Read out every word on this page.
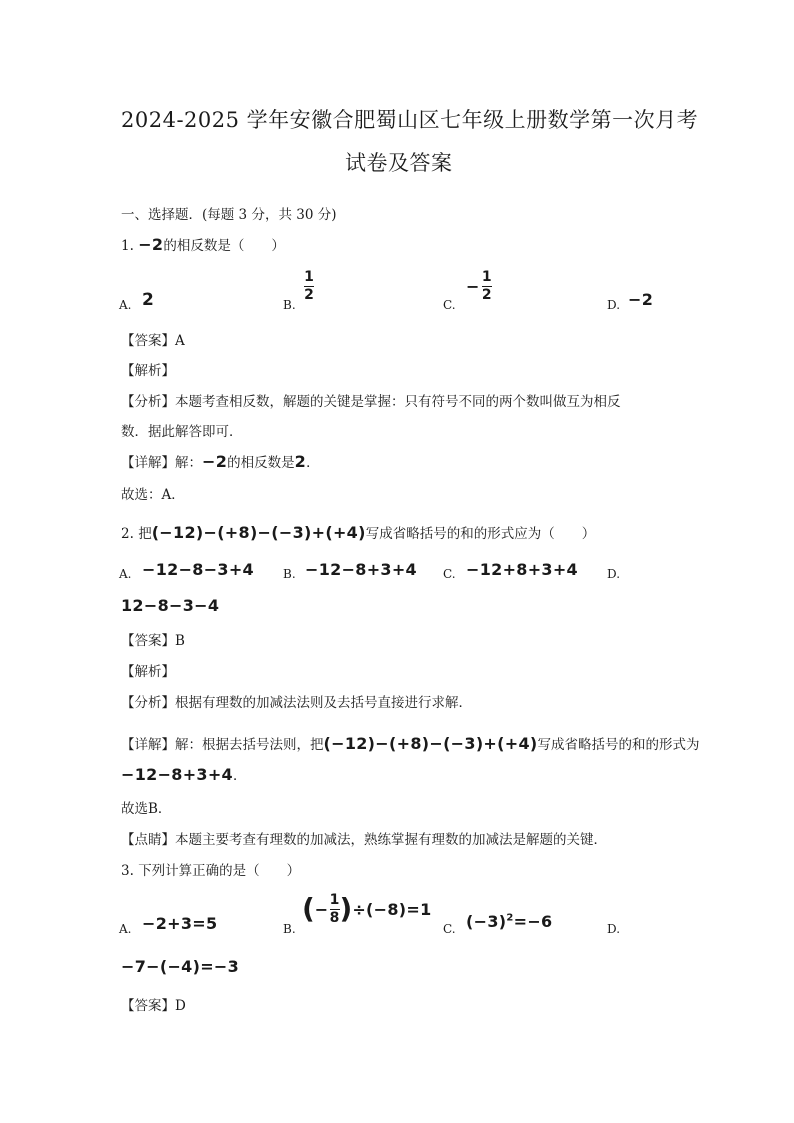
2024-2025 学年安徽合肥蜀山区七年级上册数学第一次月考
试卷及答案
一、选择题．(每题 3 分，共 30 分)
1. −2的相反数是（　　）
A. 2	B.
1
2
C.
− $\frac{1}{2}$
D. −2
【答案】A
【解析】
【分析】本题考查相反数，解题的关键是掌握：只有符号不同的两个数叫做互为相反
数．据此解答即可．
【详解】解：−2的相反数是2．
故选：A．
2. 把(−12)−(+8)−(−3)+(+4)写成省略括号的和的形式应为（　　）
A. −12−8−3+4 B. −12−8+3+4 C. −12+8+3+4 D.
12−8−3−4
【答案】B
【解析】
【分析】根据有理数的加减法法则及去括号直接进行求解．
【详解】解：根据去括号法则，把(−12)−(+8)−(−3)+(+4)写成省略括号的和的形式为
−12−8+3+4．
故选B．
【点睛】本题主要考查有理数的加减法，熟练掌握有理数的加减法是解题的关键．
3. 下列计算正确的是（　　）
A. −2+3=5	B.
( − $\frac{1}{8}$ ) ÷(−8)=1
C. $(-3)^2=-6$	D.
−7−(−4)=−3
【答案】D
